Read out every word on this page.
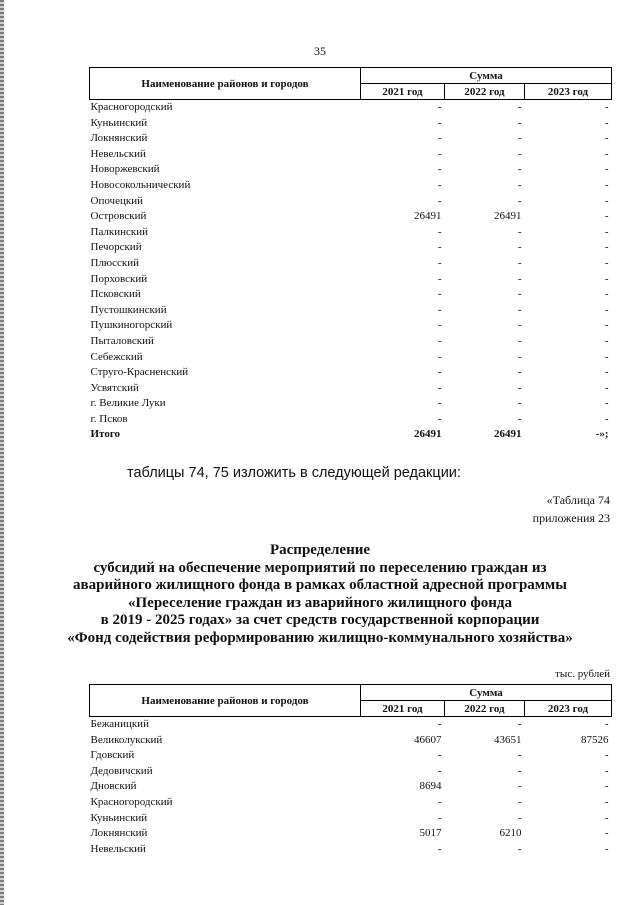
35
Наименование районов и городов	Сумма		
	2021 год	2022 год	2023 год
Красногородский	-	-	-
Куньинский	-	-	-
Локнянский	-	-	-
Невельский	-	-	-
Новоржевский	-	-	-
Новосокольнический	-	-	-
Опочецкий	-	-	-
Островский	26491	26491	-
Палкинский	-	-	-
Печорский	-	-	-
Плюсский	-	-	-
Порховский	-	-	-
Псковский	-	-	-
Пустошкинский	-	-	-
Пушкиногорский	-	-	-
Пыталовский	-	-	-
Себежский	-	-	-
Струго-Красненский	-	-	-
Усвятский	-	-	-
г. Великие Луки	-	-	-
г. Псков	-	-	-
Итого	26491	26491	-»;
таблицы 74, 75 изложить в следующей редакции:
«Таблица 74
приложения 23
Распределение
субсидий на обеспечение мероприятий по переселению граждан из
аварийного жилищного фонда в рамках областной адресной программы
«Переселение граждан из аварийного жилищного фонда
в 2019 - 2025 годах» за счет средств государственной корпорации
«Фонд содействия реформированию жилищно-коммунального хозяйства»
тыс. рублей
Наименование районов и городов	Сумма		
	2021 год	2022 год	2023 год
Бежаницкий	-	-	-
Великолукский	46607	43651	87526
Гдовский	-	-	-
Дедовичский	-	-	-
Дновский	8694	-	-
Красногородский	-	-	-
Куньинский	-	-	-
Локнянский	5017	6210	-
Невельский	-	-	-
